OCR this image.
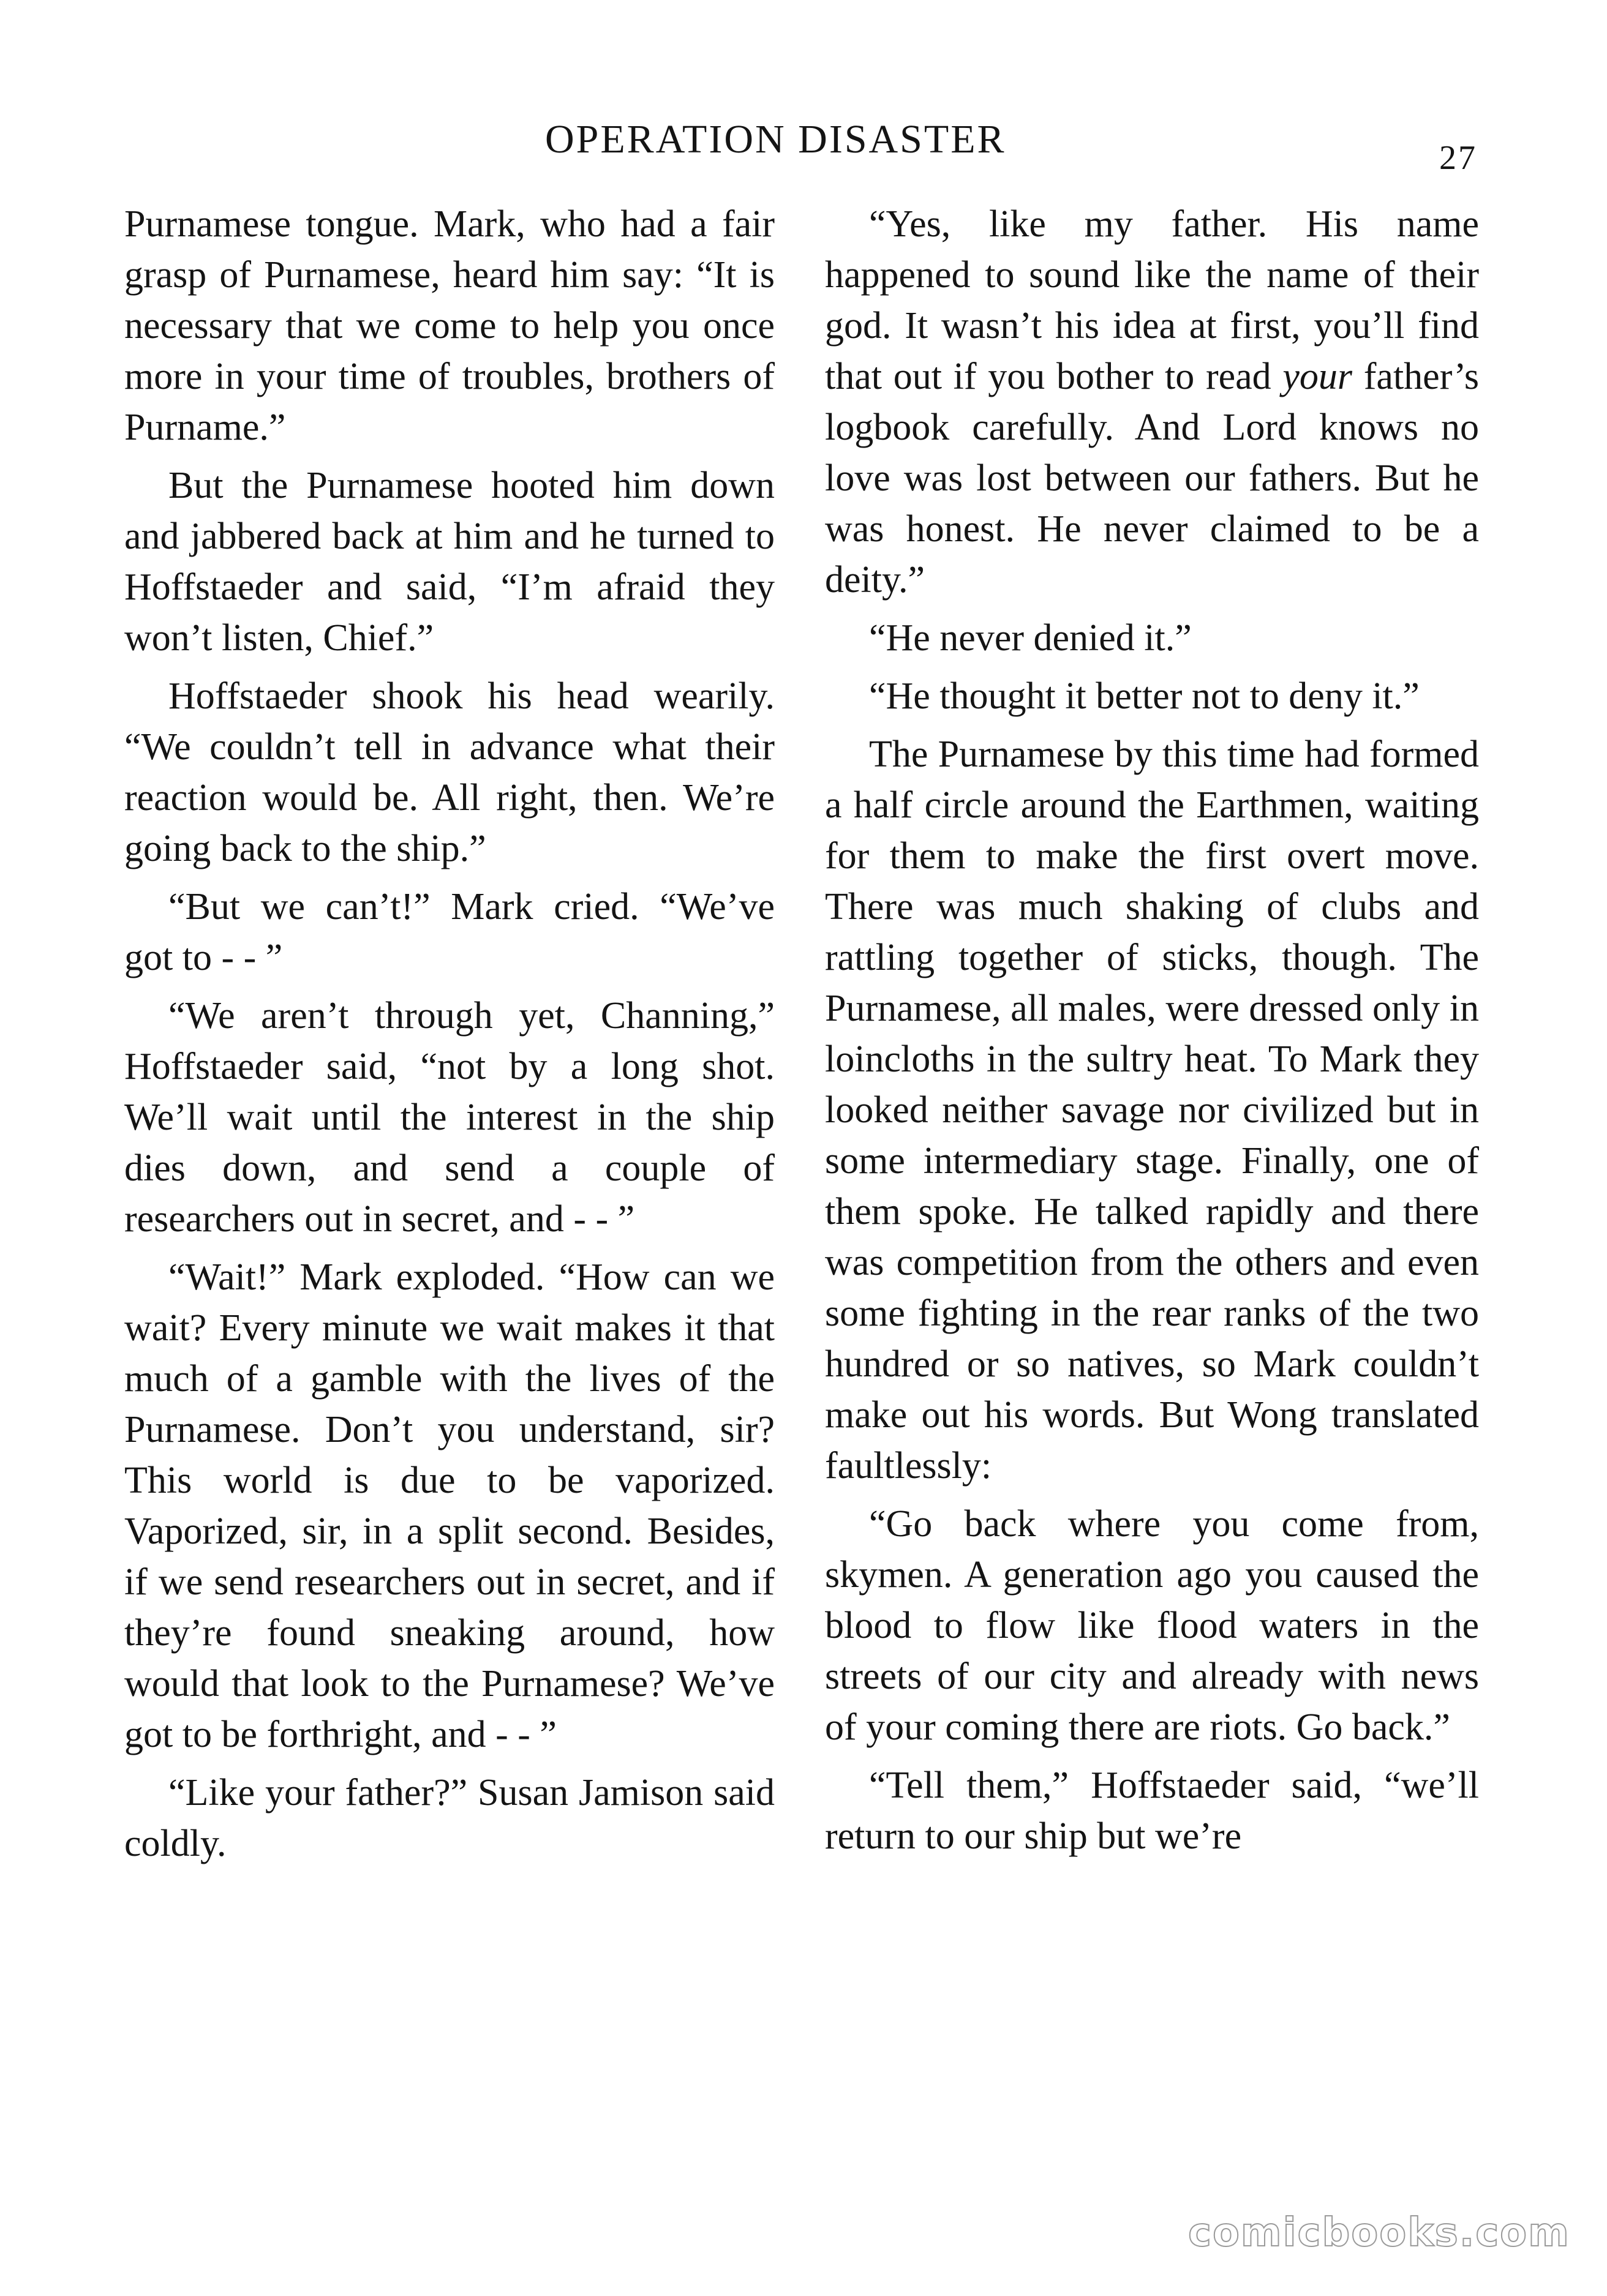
OPERATION DISASTER	27

Purnamese tongue. Mark, who had a fair grasp of Purnamese, heard him say: “It is necessary that we come to help you once more in your time of troubles, brothers of Purname.”

But the Purnamese hooted him down and jabbered back at him and he turned to Hoffstaeder and said, “I’m afraid they won’t listen, Chief.”

Hoffstaeder shook his head wearily. “We couldn’t tell in advance what their reaction would be. All right, then. We’re going back to the ship.”

“But we can’t!” Mark cried. “We’ve got to - - ”

“We aren’t through yet, Channing,” Hoffstaeder said, “not by a long shot. We’ll wait until the interest in the ship dies down, and send a couple of researchers out in secret, and - - ”

“Wait!” Mark exploded. “How can we wait? Every minute we wait makes it that much of a gamble with the lives of the Purnamese. Don’t you understand, sir? This world is due to be vaporized. Vaporized, sir, in a split second. Besides, if we send researchers out in secret, and if they’re found sneaking around, how would that look to the Purnamese? We’ve got to be forthright, and - - ”

“Like your father?” Susan Jamison said coldly.

“Yes, like my father. His name happened to sound like the name of their god. It wasn’t his idea at first, you’ll find that out if you bother to read your father’s logbook carefully. And Lord knows no love was lost between our fathers. But he was honest. He never claimed to be a deity.”

“He never denied it.”

“He thought it better not to deny it.”

The Purnamese by this time had formed a half circle around the Earthmen, waiting for them to make the first overt move. There was much shaking of clubs and rattling together of sticks, though. The Purnamese, all males, were dressed only in loincloths in the sultry heat. To Mark they looked neither savage nor civilized but in some intermediary stage. Finally, one of them spoke. He talked rapidly and there was competition from the others and even some fighting in the rear ranks of the two hundred or so natives, so Mark couldn’t make out his words. But Wong translated faultlessly:

“Go back where you come from, skymen. A generation ago you caused the blood to flow like flood waters in the streets of our city and already with news of your coming there are riots. Go back.”

“Tell them,” Hoffstaeder said, “we’ll return to our ship but we’re

comicbooks.com
